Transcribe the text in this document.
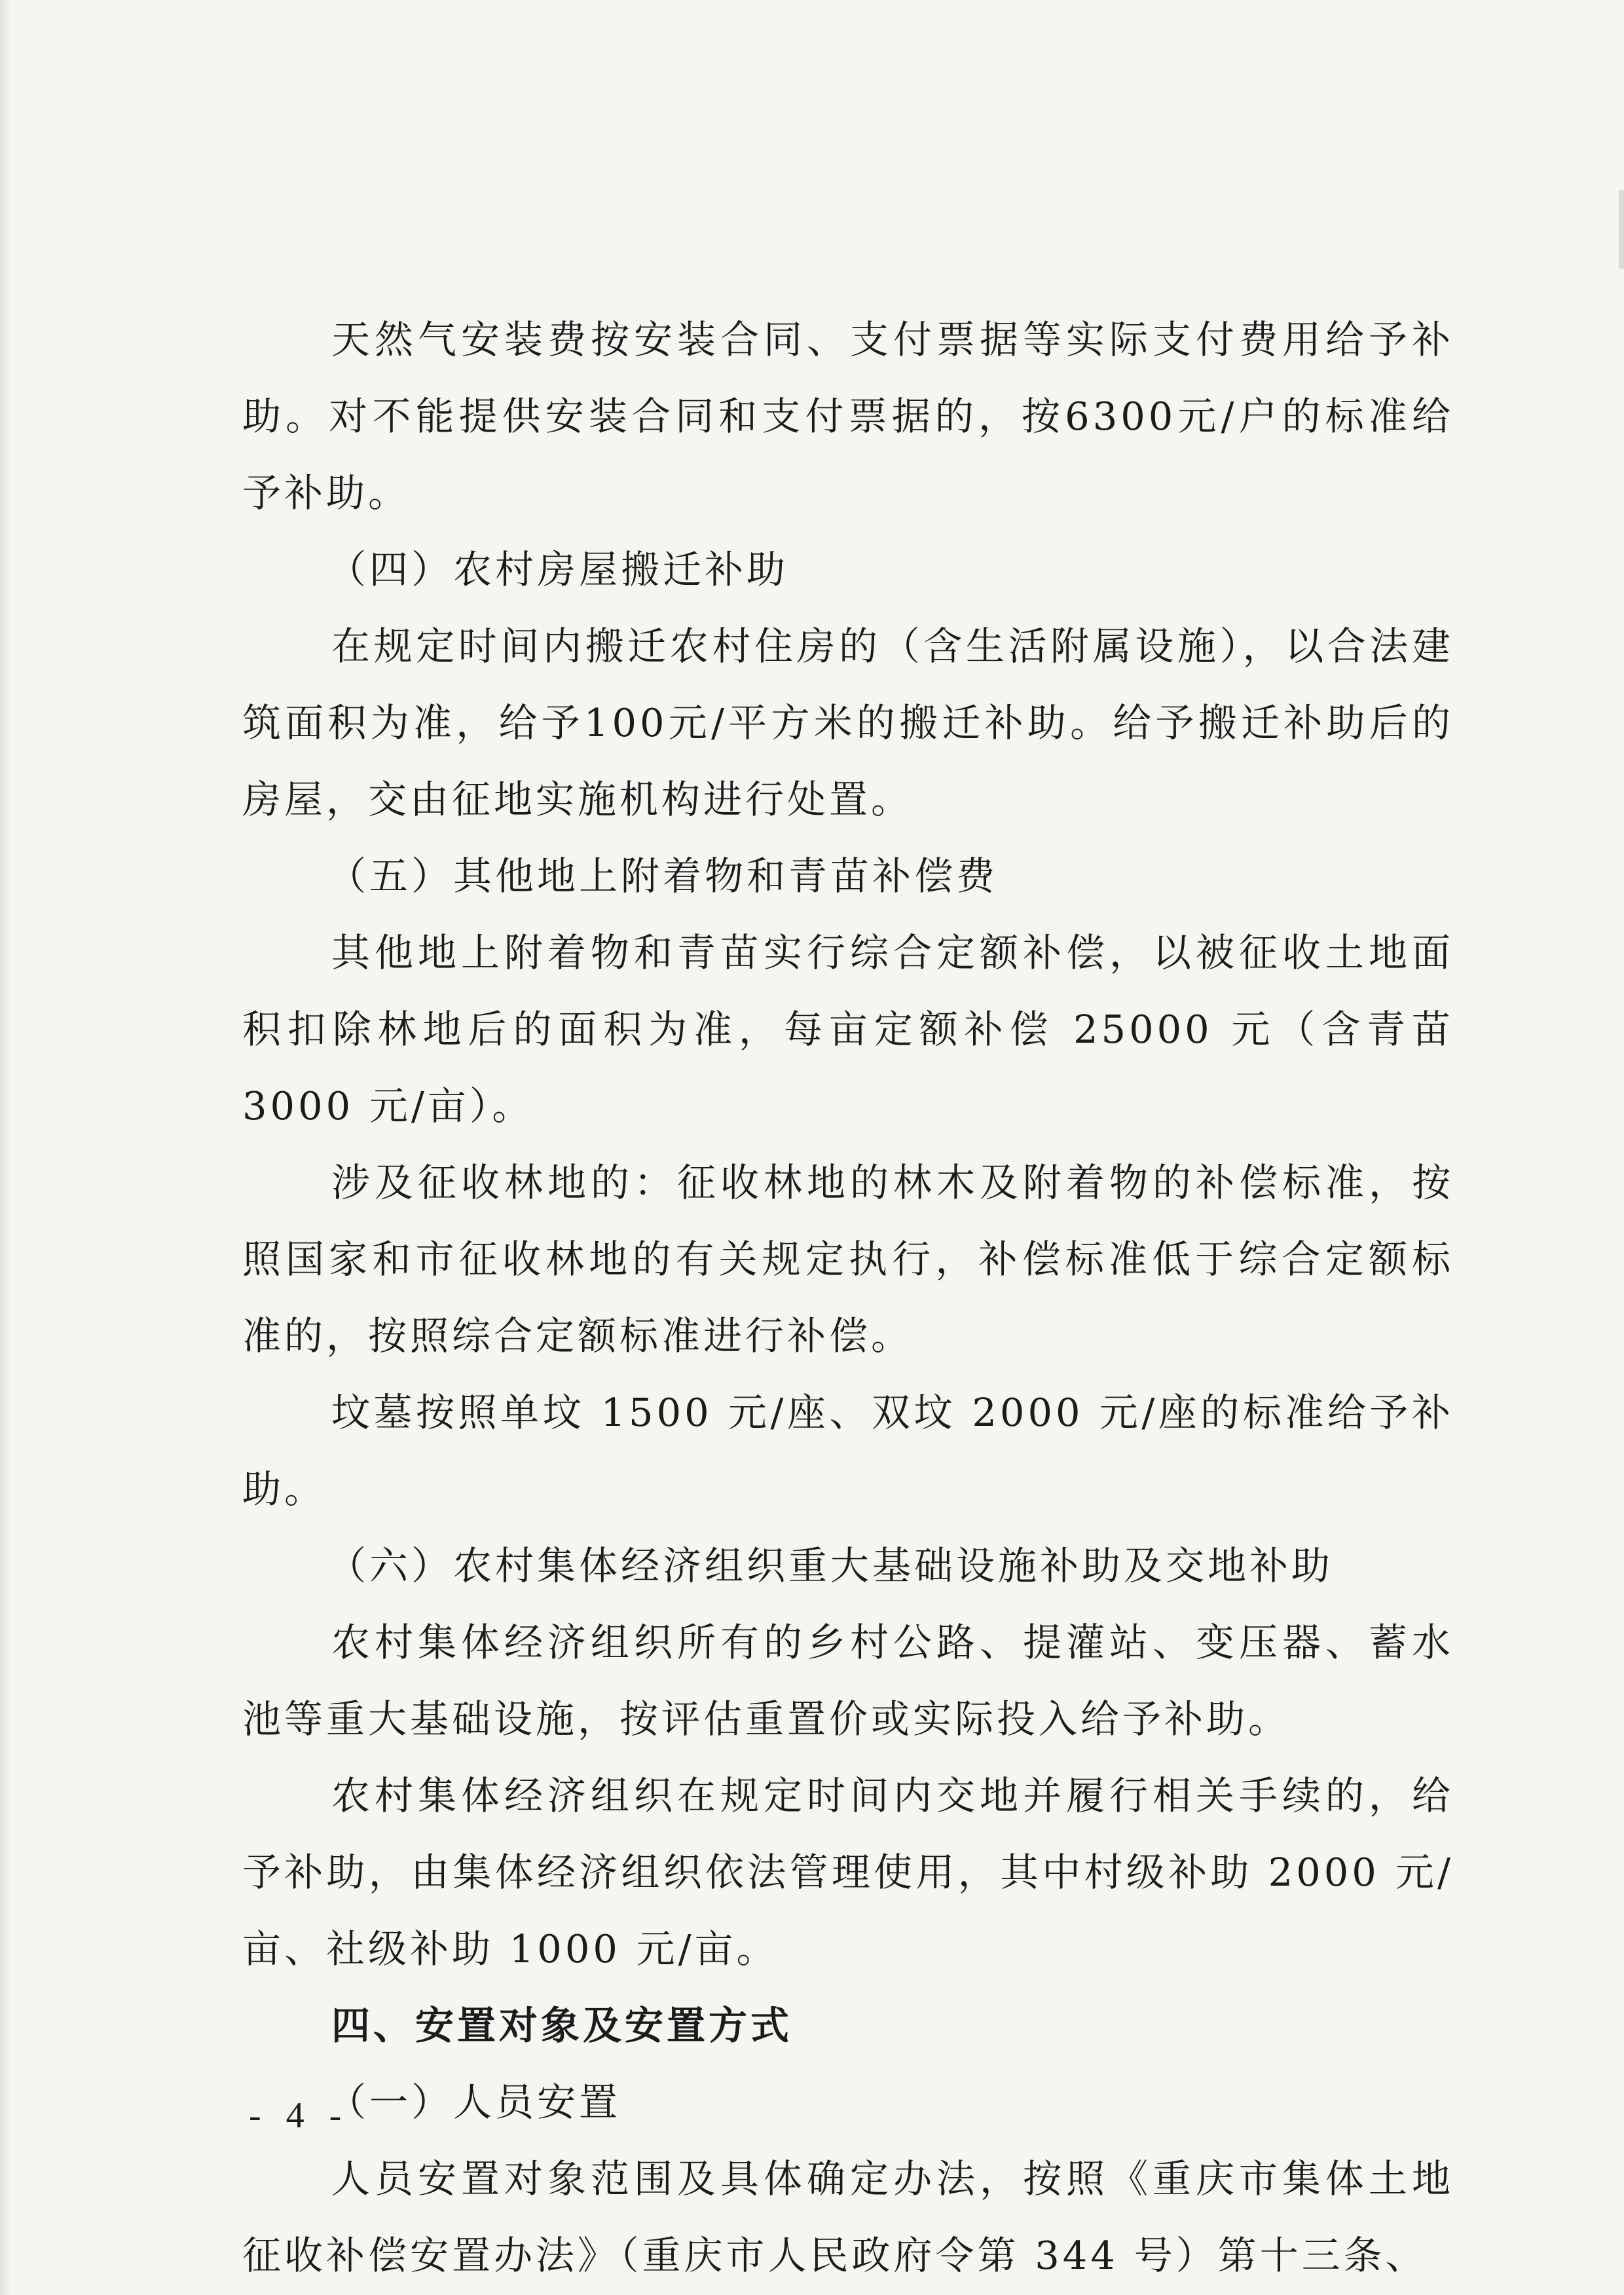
天然气安装费按安装合同、支付票据等实际支付费用给予补助。对不能提供安装合同和支付票据的，按6300元/户的标准给予补助。

（四）农村房屋搬迁补助

在规定时间内搬迁农村住房的（含生活附属设施），以合法建筑面积为准，给予100元/平方米的搬迁补助。给予搬迁补助后的房屋，交由征地实施机构进行处置。

（五）其他地上附着物和青苗补偿费

其他地上附着物和青苗实行综合定额补偿，以被征收土地面积扣除林地后的面积为准，每亩定额补偿 25000 元（含青苗 3000 元/亩）。

涉及征收林地的：征收林地的林木及附着物的补偿标准，按照国家和市征收林地的有关规定执行，补偿标准低于综合定额标准的，按照综合定额标准进行补偿。

坟墓按照单坟 1500 元/座、双坟 2000 元/座的标准给予补助。

（六）农村集体经济组织重大基础设施补助及交地补助

农村集体经济组织所有的乡村公路、提灌站、变压器、蓄水池等重大基础设施，按评估重置价或实际投入给予补助。

农村集体经济组织在规定时间内交地并履行相关手续的，给予补助，由集体经济组织依法管理使用，其中村级补助 2000 元/亩、社级补助 1000 元/亩。

四、安置对象及安置方式

（一）人员安置

人员安置对象范围及具体确定办法，按照《重庆市集体土地征收补偿安置办法》（重庆市人民政府令第 344 号）第十三条、

- 4 -
